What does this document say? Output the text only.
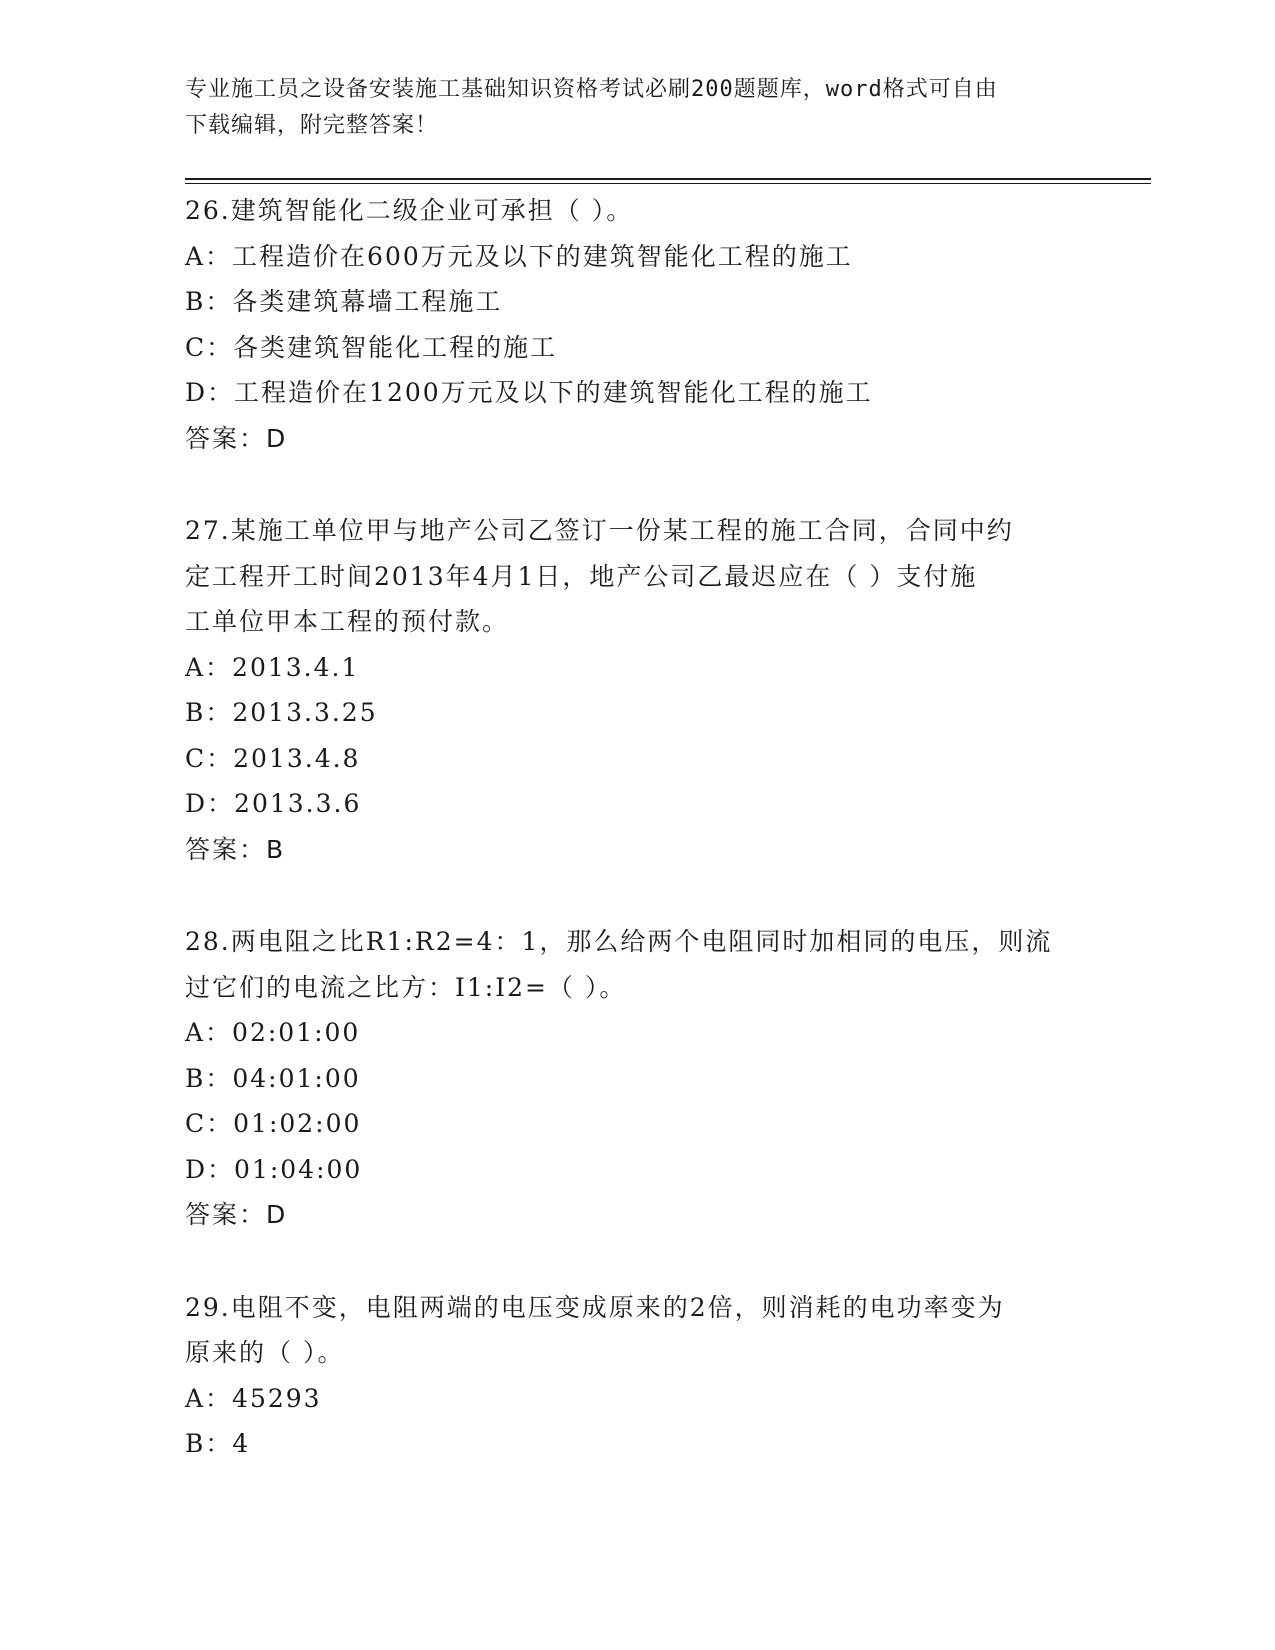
专业施工员之设备安装施工基础知识资格考试必刷200题题库，word格式可自由
下载编辑，附完整答案！
26.建筑智能化二级企业可承担（ ）。
A：工程造价在600万元及以下的建筑智能化工程的施工
B：各类建筑幕墙工程施工
C：各类建筑智能化工程的施工
D：工程造价在1200万元及以下的建筑智能化工程的施工
答案：D
27.某施工单位甲与地产公司乙签订一份某工程的施工合同，合同中约
定工程开工时间2013年4月1日，地产公司乙最迟应在（ ）支付施
工单位甲本工程的预付款。
A：2013.4.1
B：2013.3.25
C：2013.4.8
D：2013.3.6
答案：B
28.两电阻之比R1:R2=4：1，那么给两个电阻同时加相同的电压，则流
过它们的电流之比方：I1:I2=（ ）。
A：02:01:00
B：04:01:00
C：01:02:00
D：01:04:00
答案：D
29.电阻不变，电阻两端的电压变成原来的2倍，则消耗的电功率变为
原来的（ ）。
A：45293
B：4
